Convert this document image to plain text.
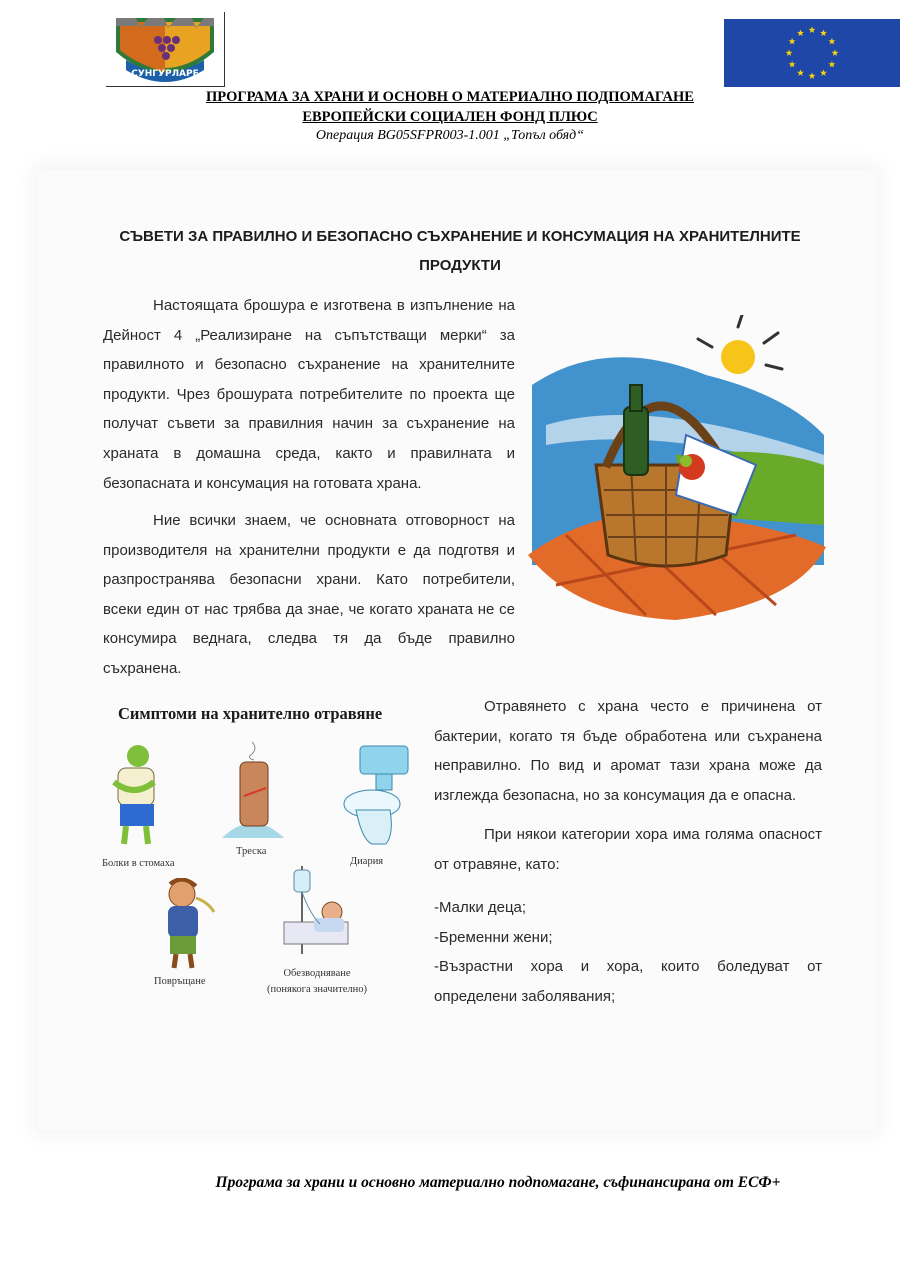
СУНГУРЛАРЕ
ПРОГРАМА ЗА ХРАНИ И ОСНОВН О МАТЕРИАЛНО ПОДПОМАГАНЕ
ЕВРОПЕЙСКИ СОЦИАЛЕН ФОНД ПЛЮС
Операция BG05SFPR003-1.001 „Топъл обяд“
СЪВЕТИ ЗА ПРАВИЛНО И БЕЗОПАСНО СЪХРАНЕНИЕ И КОНСУМАЦИЯ НА ХРАНИТЕЛНИТЕ ПРОДУКТИ

Настоящата брошура е изготвена в изпълнение на Дейност 4 „Реализиране на съпътстващи мерки“ за правилното и безопасно съхранение на хранителните продукти. Чрез брошурата потребителите по проекта ще получат съвети за правилния начин за съхранение на храната в домашна среда, както и правилната и безопасната и консумация на готовата храна.

Ние всички знаем, че основната отговорност на производителя на хранителни продукти е да подготвя и разпространява безопасни храни. Като потребители, всеки един от нас трябва да знае, че когато храната не се консумира веднага, следва тя да бъде правилно съхранена.

Симптоми на хранително отравяне
Болки в стомаха
Треска
Диария
Повръщане
Обезводняване
(понякога значително)

Отравянето с храна често е причинена от бактерии, когато тя бъде обработена или съхранена неправилно. По вид и аромат тази храна може да изглежда безопасна, но за консумация да е опасна.

При някои категории хора има голяма опасност от отравяне, като:

-Малки деца;
-Бременни жени;
-Възрастни хора и хора, които боледуват от определени заболявания;
Програма за храни и основно материално подпомагане, съфинансирана от ЕСФ+
